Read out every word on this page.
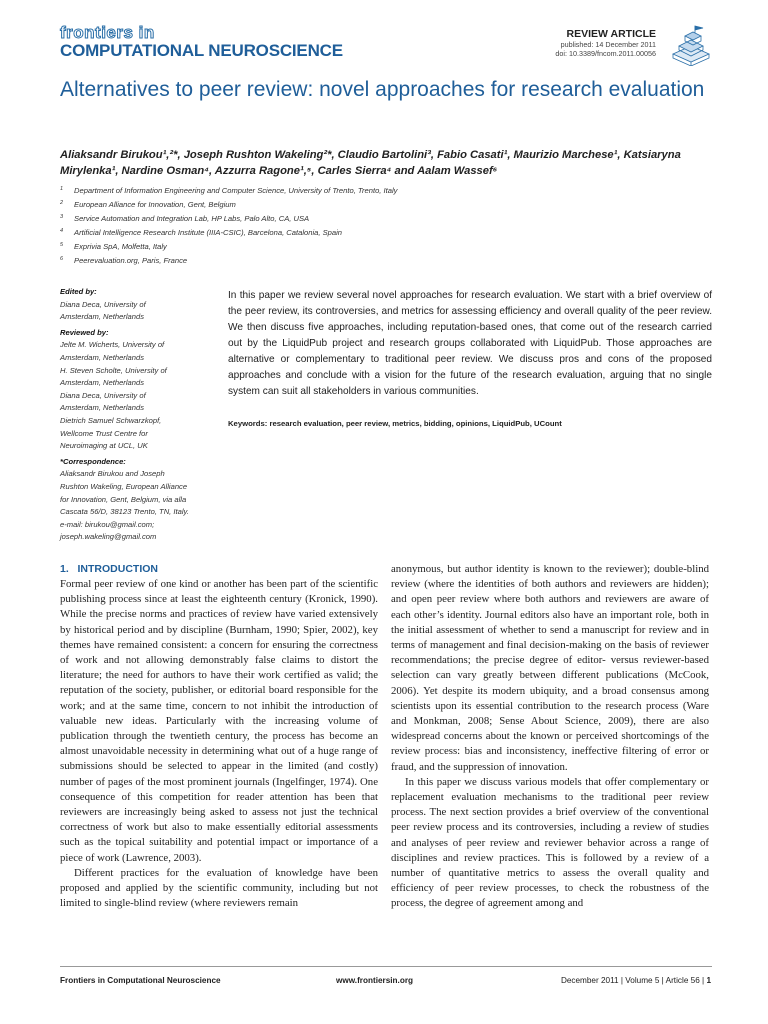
frontiers in
COMPUTATIONAL NEUROSCIENCE
REVIEW ARTICLE
published: 14 December 2011
doi: 10.3389/fncom.2011.00056
Alternatives to peer review: novel approaches for research evaluation
Aliaksandr Birukou¹,²*, Joseph Rushton Wakeling²*, Claudio Bartolini³, Fabio Casati¹, Maurizio Marchese¹, Katsiaryna Mirylenka¹, Nardine Osman⁴, Azzurra Ragone¹,⁵, Carles Sierra⁴ and Aalam Wassef⁶
1 Department of Information Engineering and Computer Science, University of Trento, Trento, Italy
2 European Alliance for Innovation, Gent, Belgium
3 Service Automation and Integration Lab, HP Labs, Palo Alto, CA, USA
4 Artificial Intelligence Research Institute (IIIA-CSIC), Barcelona, Catalonia, Spain
5 Exprivia SpA, Molfetta, Italy
6 Peerevaluation.org, Paris, France
Edited by:
Diana Deca, University of
Amsterdam, Netherlands
Reviewed by:
Jelte M. Wicherts, University of
Amsterdam, Netherlands
H. Steven Scholte, University of
Amsterdam, Netherlands
Diana Deca, University of
Amsterdam, Netherlands
Dietrich Samuel Schwarzkopf,
Wellcome Trust Centre for
Neuroimaging at UCL, UK
*Correspondence:
Aliaksandr Birukou and Joseph
Rushton Wakeling, European Alliance
for Innovation, Gent, Belgium, via alla
Cascata 56/D, 38123 Trento, TN, Italy.
e-mail: birukou@gmail.com;
joseph.wakeling@gmail.com

In this paper we review several novel approaches for research evaluation. We start with a brief overview of the peer review, its controversies, and metrics for assessing efficiency and overall quality of the peer review. We then discuss five approaches, including reputation-based ones, that come out of the research carried out by the LiquidPub project and research groups collaborated with LiquidPub. Those approaches are alternative or complementary to traditional peer review. We discuss pros and cons of the proposed approaches and conclude with a vision for the future of the research evaluation, arguing that no single system can suit all stakeholders in various communities.

Keywords: research evaluation, peer review, metrics, bidding, opinions, LiquidPub, UCount
1.   INTRODUCTION

Formal peer review of one kind or another has been part of the scientific publishing process since at least the eighteenth century (Kronick, 1990). While the precise norms and practices of review have varied extensively by historical period and by discipline (Burnham, 1990; Spier, 2002), key themes have remained consistent: a concern for ensuring the correctness of work and not allowing demonstrably false claims to distort the literature; the need for authors to have their work certified as valid; the reputation of the society, publisher, or editorial board responsible for the work; and at the same time, concern to not inhibit the introduction of valuable new ideas. Particularly with the increasing volume of publication through the twentieth century, the process has become an almost unavoidable necessity in determining what out of a huge range of submissions should be selected to appear in the limited (and costly) number of pages of the most prominent journals (Ingelfinger, 1974). One consequence of this competition for reader attention has been that reviewers are increasingly being asked to assess not just the technical correctness of work but also to make essentially editorial assessments such as the topical suitability and potential impact or importance of a piece of work (Lawrence, 2003).

Different practices for the evaluation of knowledge have been proposed and applied by the scientific community, including but not limited to single-blind review (where reviewers remain

anonymous, but author identity is known to the reviewer); double-blind review (where the identities of both authors and reviewers are hidden); and open peer review where both authors and reviewers are aware of each other’s identity. Journal editors also have an important role, both in the initial assessment of whether to send a manuscript for review and in terms of management and final decision-making on the basis of reviewer recommendations; the precise degree of editor- versus reviewer-based selection can vary greatly between different publications (McCook, 2006). Yet despite its modern ubiquity, and a broad consensus among scientists upon its essential contribution to the research process (Ware and Monkman, 2008; Sense About Science, 2009), there are also widespread concerns about the known or perceived shortcomings of the review process: bias and inconsistency, ineffective filtering of error or fraud, and the suppression of innovation.

In this paper we discuss various models that offer complementary or replacement evaluation mechanisms to the traditional peer review process. The next section provides a brief overview of the conventional peer review process and its controversies, including a review of studies and analyses of peer review and reviewer behavior across a range of disciplines and review practices. This is followed by a review of a number of quantitative metrics to assess the overall quality and efficiency of peer review processes, to check the robustness of the process, the degree of agreement among and

Frontiers in Computational Neuroscience	www.frontiersin.org	December 2011 | Volume 5 | Article 56 | 1
